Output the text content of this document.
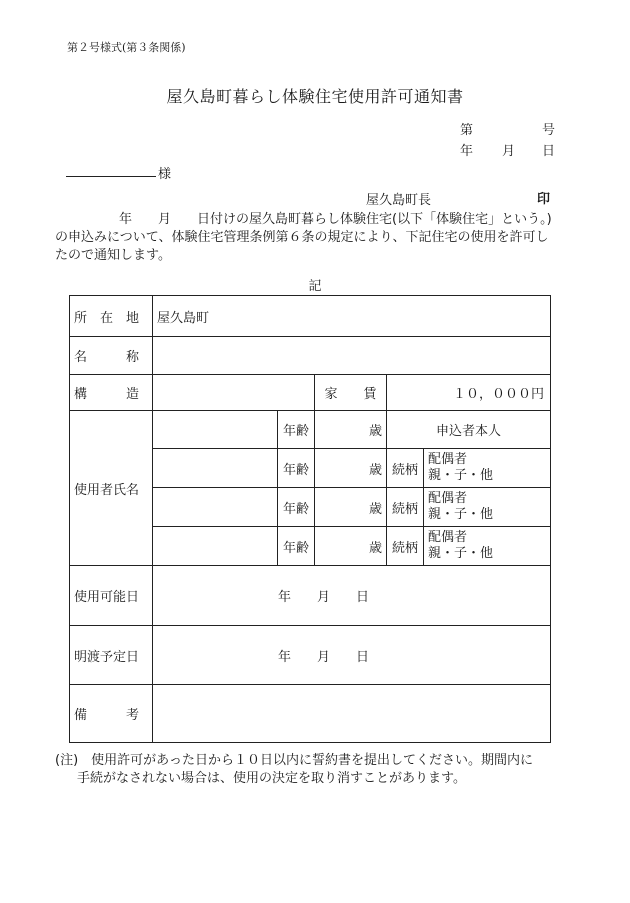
第２号様式(第３条関係)
屋久島町暮らし体験住宅使用許可通知書
第	号
年 月 日
様
屋久島町長	印
年　　月　　日付けの屋久島町暮らし体験住宅(以下「体験住宅」という。)
の申込みについて、体験住宅管理条例第６条の規定により、下記住宅の使用を許可し
たので通知します。
記
所　在　地	屋久島町				
名　　　称					
構　　　造			家　　賃	１０，０００円	
使用者氏名		年齢	歳	申込者本人	
		年齢	歳	続柄	配偶者
親・子・他

		年齢	歳	続柄	配偶者
親・子・他

		年齢	歳	続柄	配偶者
親・子・他

使用可能日	年　　月　　日				
明渡予定日	年　　月　　日				
備　　　考					
(注)　使用許可があった日から１０日以内に誓約書を提出してください。期間内に
手続がなされない場合は、使用の決定を取り消すことがあります。
